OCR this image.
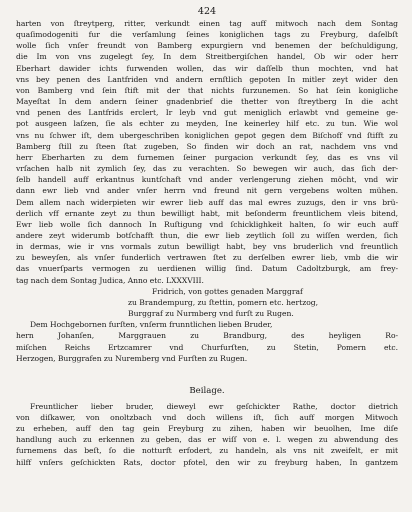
424
harten von ſtreytperg, ritter, verkundt einen tag auff mitwoch nach dem Sontag
quaſimodogeniti fur die verſamlung ſeines koniglichen tags zu Freyburg, daſelbſt
wolle ſich vnſer freundt von Bamberg expurgiern vnd benemen der beſchuldigung,
die Im von vns zugelegt ſey, In dem Streitbergiſchen handel, Ob wir oder herr
Eberhart dawider ichts furwenden wollen, das wir daſſelb thun mochten, vnd hat
vns bey penen des Lantfriden vnd andern ernſtlich gepoten In mitler zeyt wider den
von Bamberg vnd ſein ſtift mit der that nichts furzunemen. So hat ſein konigliche
Mayeſtat In dem andern ſeiner gnadenbrief die thetter von ſtreytberg In die acht
vnd penen des Lantfrids erclert, Ir leyb vnd gut meniglich erlawbt vnd gemeine ge-
pot ausgeen laſzen, ſie als echter zu meyden, Ine keinerley hilf etc. zu tun. Wie wol
vns nu ſchwer iſt, dem ubergeschriben koniglichen gepot gegen dem Biſchoff vnd ſtifft zu
Bamberg ſtill zu ſteen ſtat zugeben, So finden wir doch an rat, nachdem vns vnd
herr Eberharten zu dem furnemen ſeiner purgacion verkundt ſey, das es vns vil
vrſachen halb nit zymlich ſey, das zu verachten. So bewegen wir auch, das ſich der-
ſelb handell auff erkantnus kuntſchaft vnd ander verlengerung ziehen möcht, vnd wir
dann ewr lieb vnd ander vnſer herrn vnd freund nit gern vergebens wolten mühen.
Dem allem nach widerpieten wir ewrer lieb auff das mal ewres zuzugs, den ir vns brü-
derlich vff ernante zeyt zu thun bewilligt habt, mit beſonderm freuntlichem vleis bitend,
Ewr lieb wolle ſich dannoch In Ruſtigung vnd ſchicklighkeit halten, ſo wir euch auff
andere zeyt widerumb botſchafft thun, die ewr lieb zeytlich ſoll zu wiſſen werden, ſich
in dermas, wie ir vns vormals zutun bewilligt habt, bey vns bruderlich vnd freuntlich
zu beweyſen, als vnſer funderlich vertrawen ſtet zu derſelben ewrer lieb, vmb die wir
das vnuerſparts vermogen zu uerdienen willig ſind. Datum Cadoltzburgk, am frey-
tag nach dem Sontag Judica, Anno etc. LXXXVIII.
Fridrich, von gottes genaden Marggraf
zu Brandempurg, zu ſtettin, pomern etc. hertzog,
Burggraf zu Nurmberg vnd furſt zu Rugen.
Dem Hochgebornen furſten, vnſerm frunntlichen lieben Bruder,
hern Johanſen, Marggrauen zu Brandburg, des heyligen Ro-
miſchen Reichs Ertzcamrer vnd Churfurſten, zu Stetin, Pomern etc.
Herzogen, Burggrafen zu Nuremberg vnd Furſten zu Rugen.
Beilage.
Freuntlicher lieber bruder, dieweyl ewr geſchickter Rathe, doctor dietrich
von diſkawer, von onoltzbach vnd doch willens iſt, ſich auff morgen Mitwoch
zu erheben, auff den tag gein Freyburg zu zihen, haben wir beuolhen, Ime diſe
handlung auch zu erkennen zu geben, das er wiſſ von e. l. wegen zu abwendung des
furnemens das beſt, ſo die notturft erfodert, zu handeln, als vns nit zweifelt, er mit
hilff vnſers geſchickten Rats, doctor pfotel, den wir zu freyburg haben, In gantzem
